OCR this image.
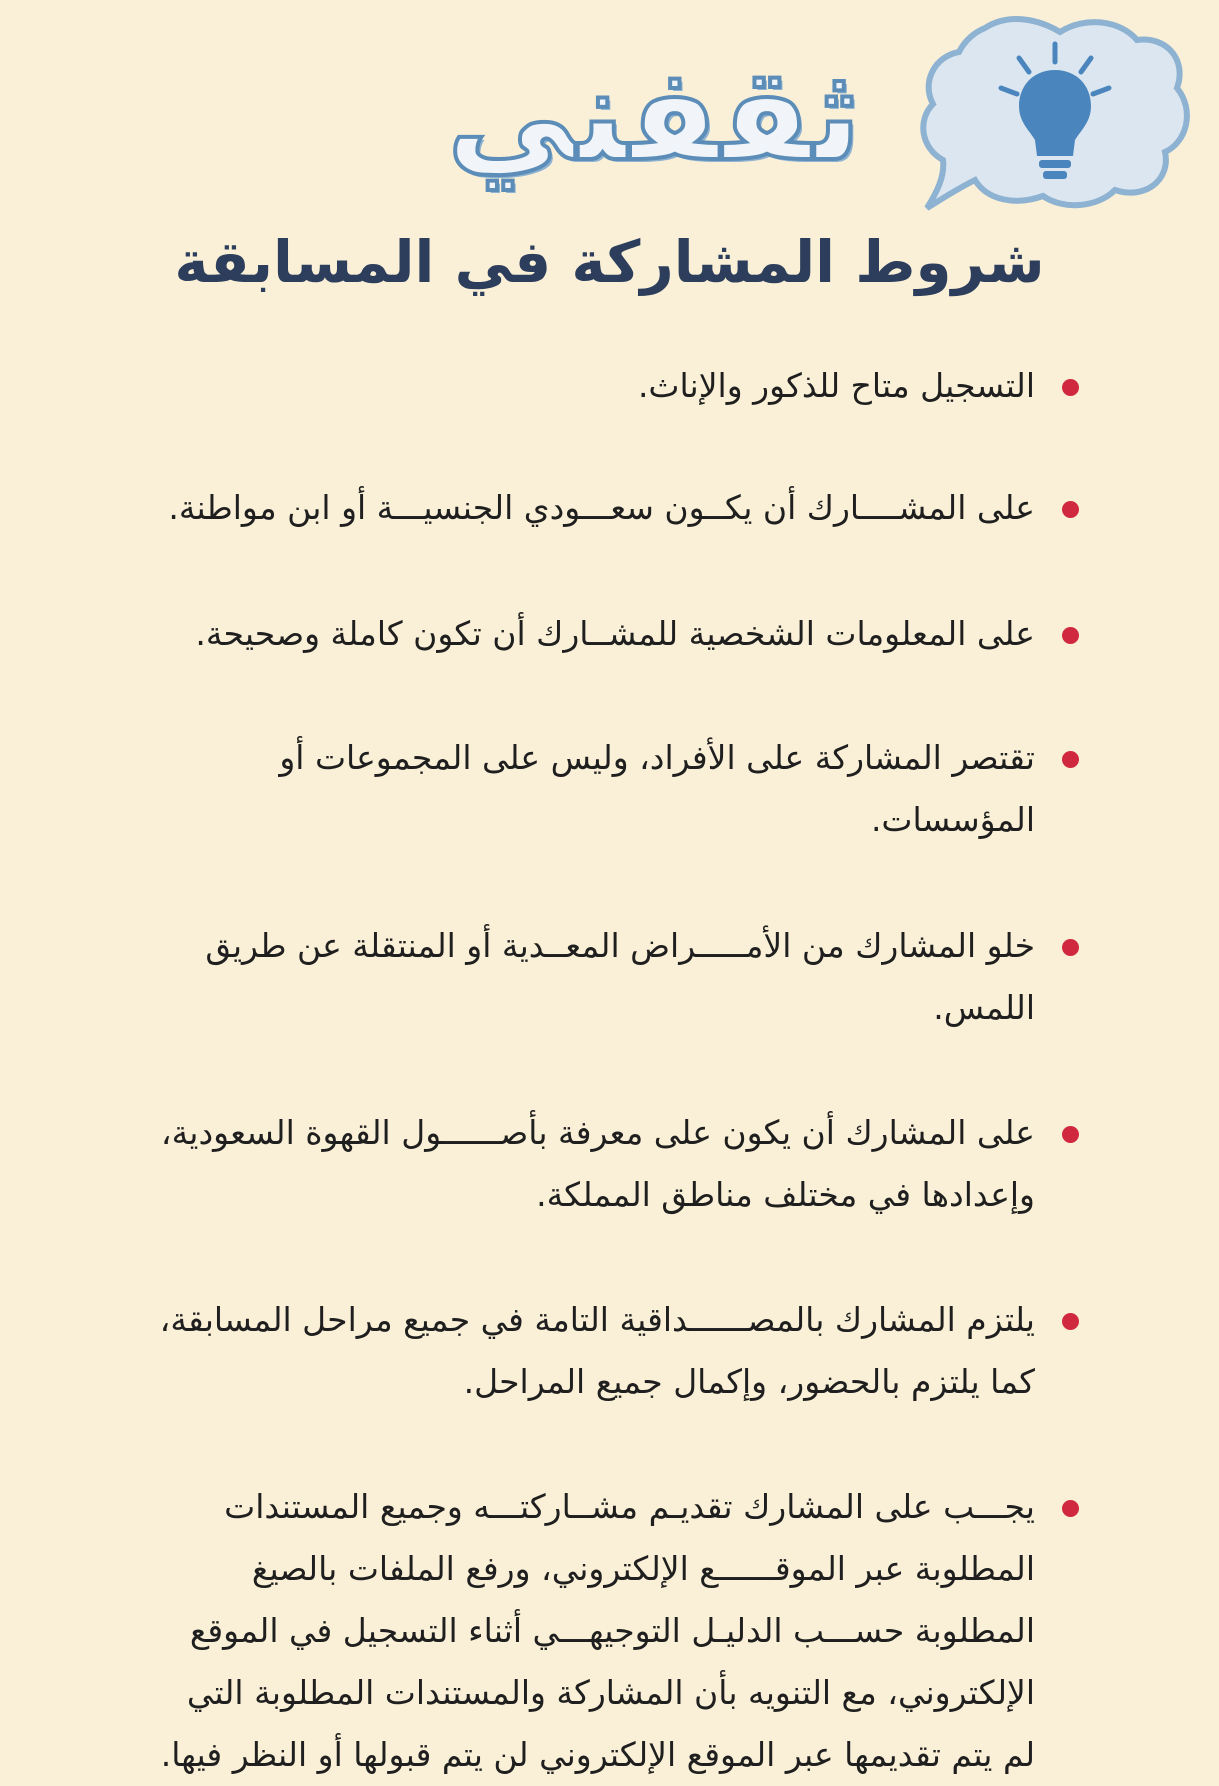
ثقفني
شروط المشاركة في المسابقة
التسجيل متاح للذكور والإناث.
على المشــــارك أن يكــون سعـــودي الجنسيـــة أو ابن مواطنة.
على المعلومات الشخصية للمشــارك أن تكون كاملة وصحيحة.
تقتصر المشاركة على الأفراد، وليس على المجموعات أو المؤسسات.
خلو المشارك من الأمـــــراض المعــدية أو المنتقلة عن طريق اللمس.
على المشارك أن يكون على معرفة بأصــــــول القهوة السعودية، وإعدادها في مختلف مناطق المملكة.
يلتزم المشارك بالمصــــــداقية التامة في جميع مراحل المسابقة، كما يلتزم بالحضور، وإكمال جميع المراحل.
يجـــب على المشارك تقديـم مشــاركتـــه وجميع المستندات المطلوبة عبر الموقــــــع الإلكتروني، ورفع الملفات بالصيغ المطلوبة حســـب الدليـل التوجيهـــي أثناء التسجيل في الموقع الإلكتروني، مع التنويه بأن المشاركة والمستندات المطلوبة التي لم يتم تقديمها عبر الموقع الإلكتروني لن يتم قبولها أو النظر فيها.
